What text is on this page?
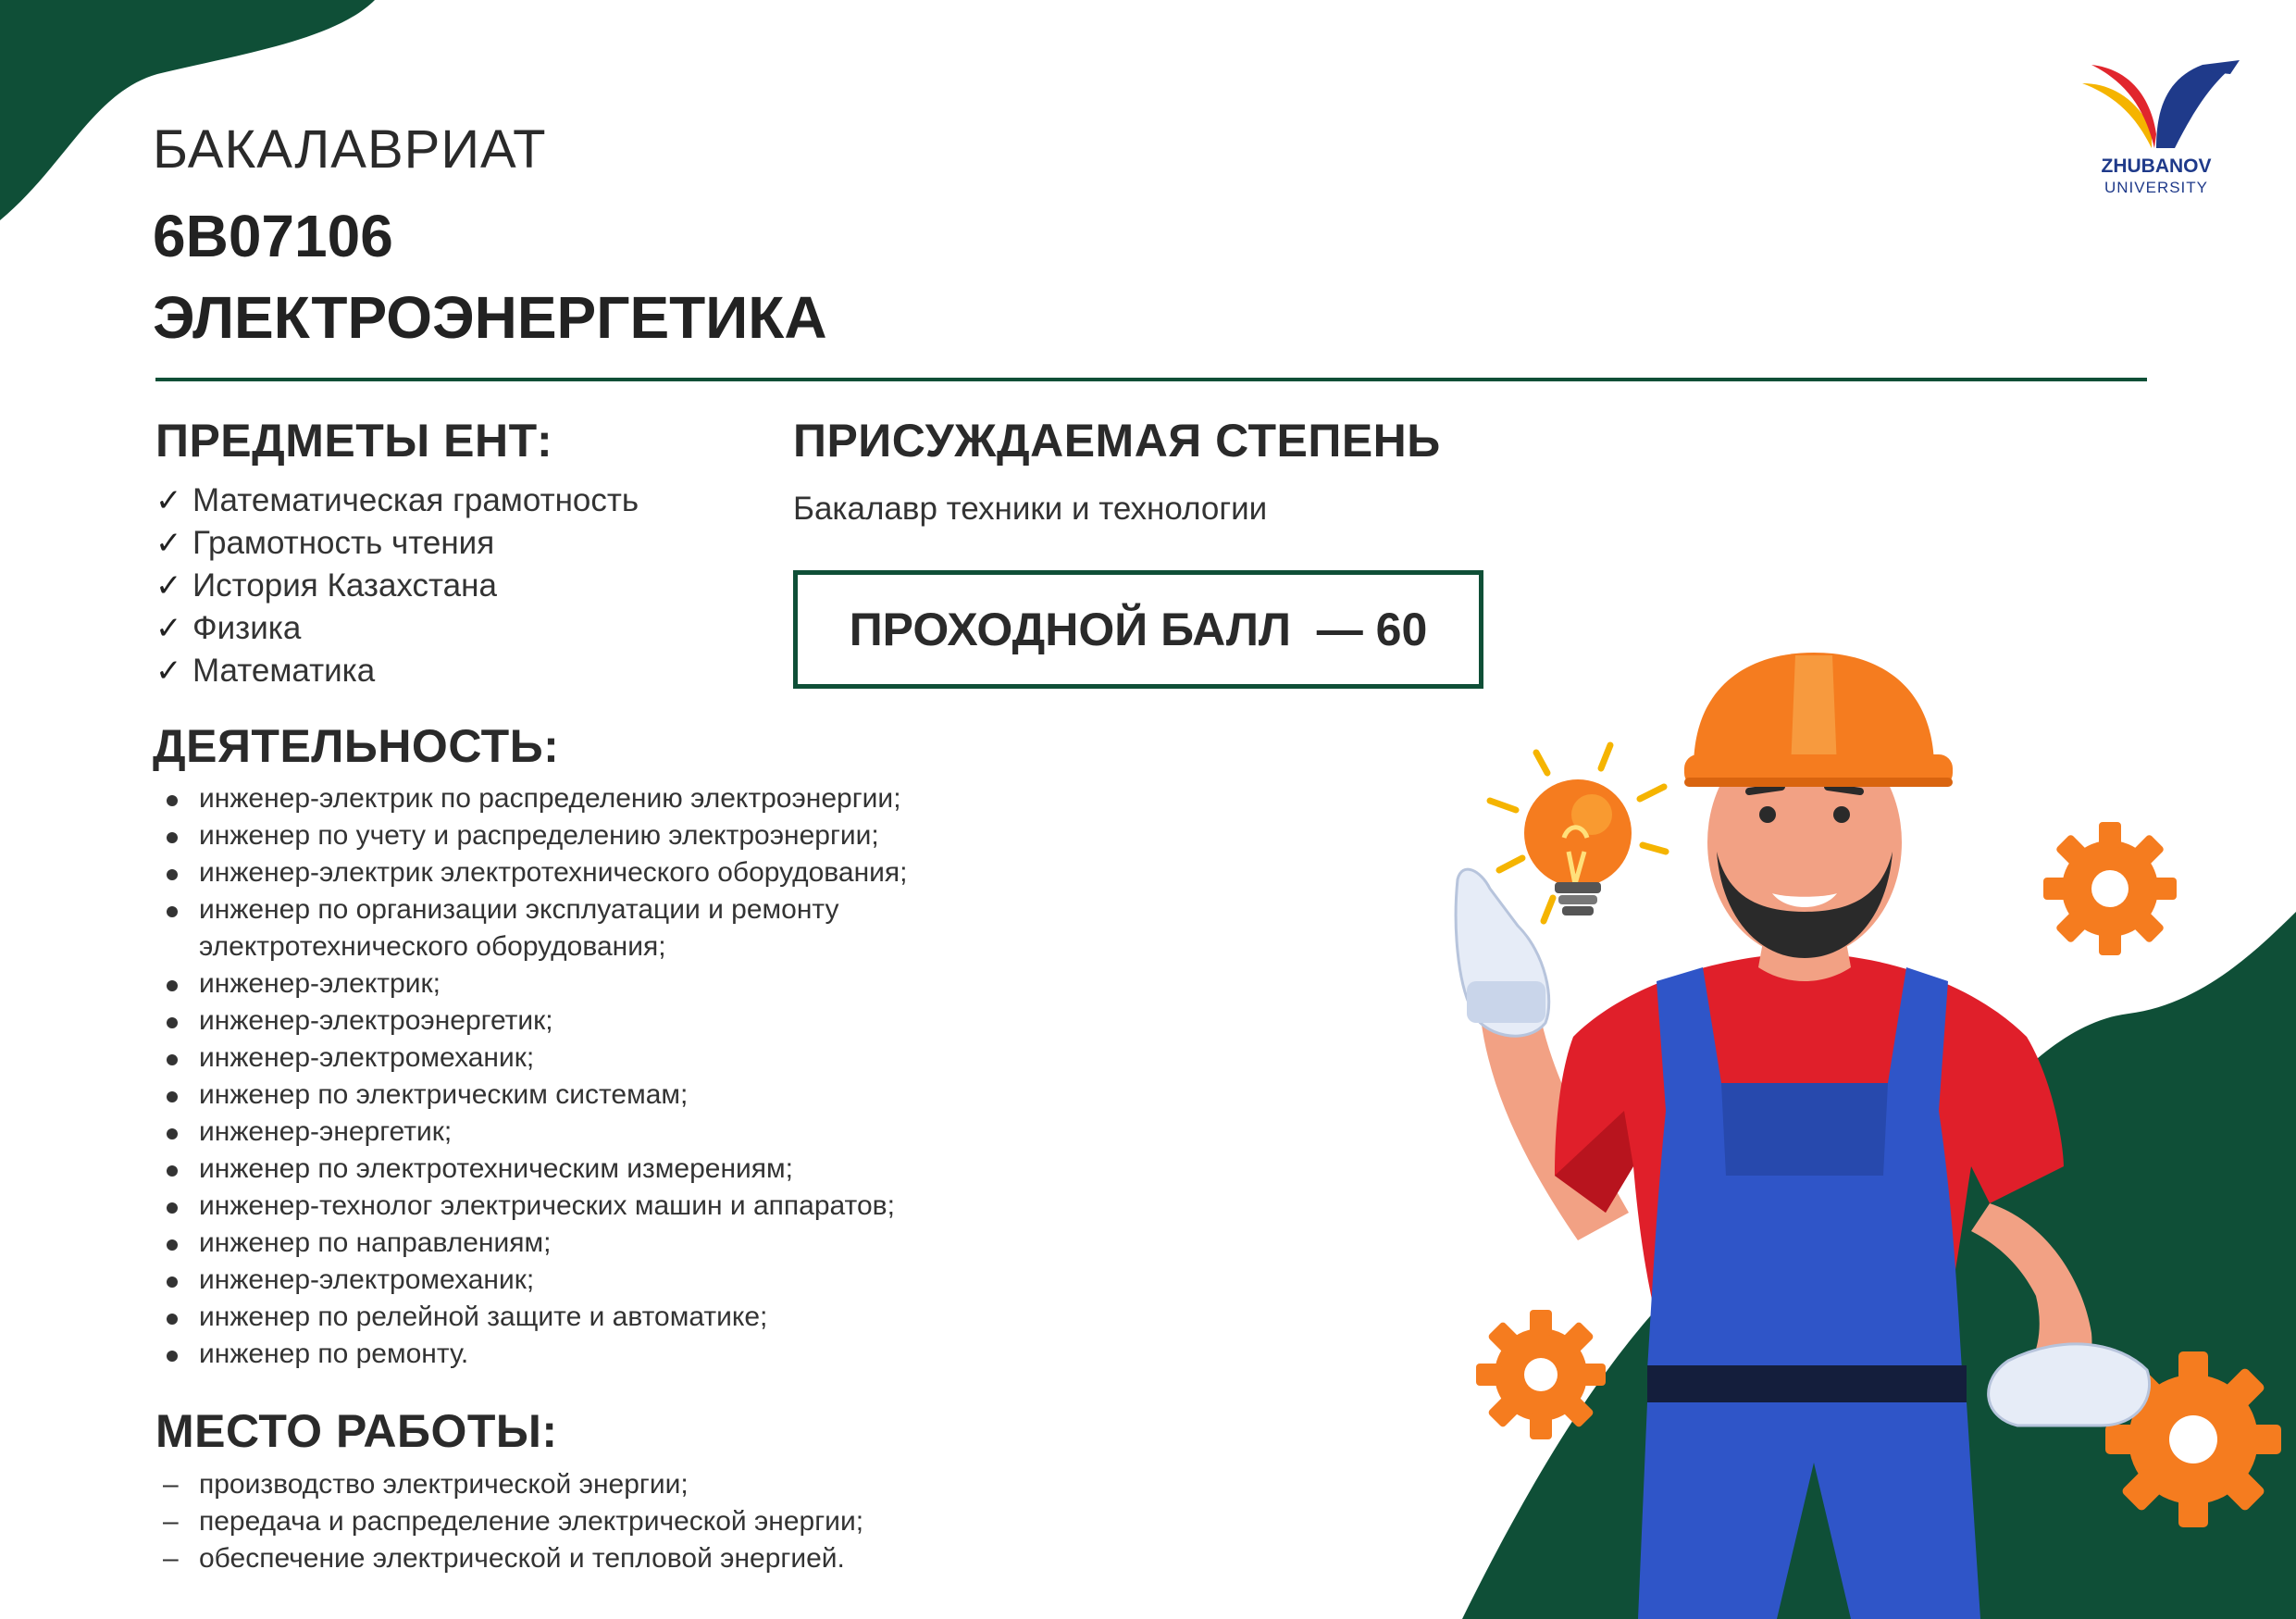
БАКАЛАВРИАТ
6В07106
ЭЛЕКТРОЭНЕРГЕТИКА
ZHUBANOV
UNIVERSITY
ПРЕДМЕТЫ ЕНТ:
✓ Математическая грамотность
✓ Грамотность чтения
✓ История Казахстана
✓ Физика
✓ Математика
ПРИСУЖДАЕМАЯ СТЕПЕНЬ
Бакалавр техники и технологии
ПРОХОДНОЙ БАЛЛ  — 60
ДЕЯТЕЛЬНОСТЬ:
инженер-электрик по распределению электроэнергии;
инженер по учету и распределению электроэнергии;
инженер-электрик электротехнического оборудования;
инженер по организации эксплуатации и ремонту электротехнического оборудования;
инженер-электрик;
инженер-электроэнергетик;
инженер-электромеханик;
инженер по электрическим системам;
инженер-энергетик;
инженер по электротехническим измерениям;
инженер-технолог электрических машин и аппаратов;
инженер по направлениям;
инженер-электромеханик;
инженер по релейной защите и автоматике;
инженер по ремонту.
МЕСТО РАБОТЫ:
– производство электрической энергии;
– передача и распределение электрической энергии;
– обеспечение электрической и тепловой энергией.
